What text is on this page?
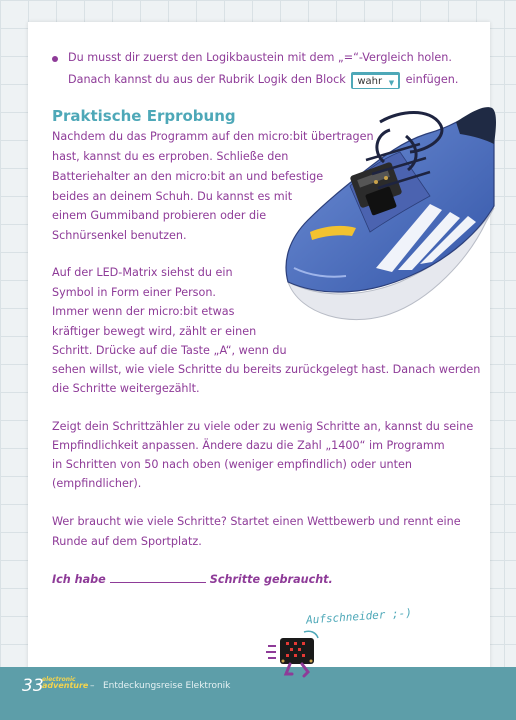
Du musst dir zuerst den Logikbaustein mit dem „=“-Vergleich holen.

Danach kannst du aus der Rubrik Logik den Block wahr ▼ einfügen.

Praktische Erprobung

Nachdem du das Programm auf den micro:bit übertragen

hast, kannst du es erproben. Schließe den

Batteriehalter an den micro:bit an und befestige

beides an deinem Schuh. Du kannst es mit

einem Gummiband probieren oder die

Schnürsenkel benutzen.

Auf der LED-Matrix siehst du ein

Symbol in Form einer Person.

Immer wenn der micro:bit etwas

kräftiger bewegt wird, zählt er einen

Schritt. Drücke auf die Taste „A“, wenn du

sehen willst, wie viele Schritte du bereits zurückgelegt hast. Danach werden

die Schritte weitergezählt.

Zeigt dein Schrittzähler zu viele oder zu wenig Schritte an, kannst du seine

Empfindlichkeit anpassen. Ändere dazu die Zahl „1400“ im Programm

in Schritten von 50 nach oben (weniger empfindlich) oder unten

(empfindlicher).

Wer braucht wie viele Schritte? Startet einen Wettbewerb und rennt eine

Runde auf dem Sportplatz.

Ich habe	Schritte gebraucht.

Aufschneider ;-)

33

electronic
adventure – Entdeckungsreise Elektronik
